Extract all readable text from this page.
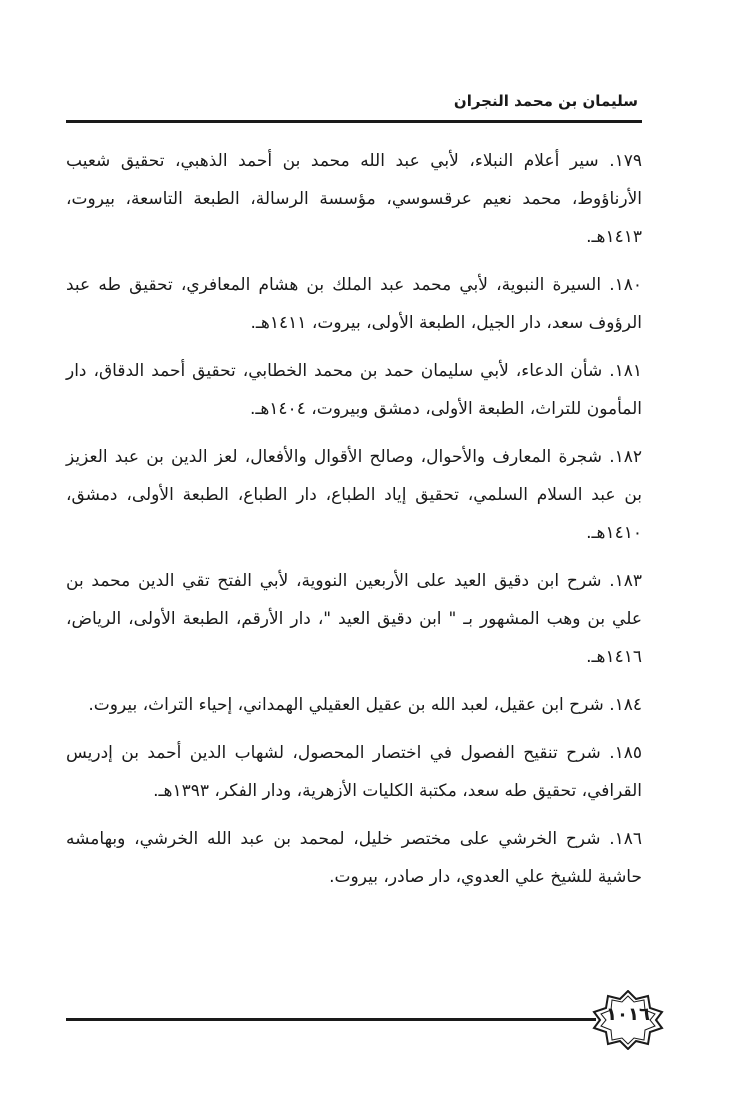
سليمان بن محمد النجران
١٧٩. سير أعلام النبلاء، لأبي عبد الله محمد بن أحمد الذهبي، تحقيق شعيب الأرناؤوط، محمد نعيم عرقسوسي، مؤسسة الرسالة، الطبعة التاسعة، بيروت، ١٤١٣هـ.
١٨٠. السيرة النبوية، لأبي محمد عبد الملك بن هشام المعافري، تحقيق طه عبد الرؤوف سعد، دار الجيل، الطبعة الأولى، بيروت، ١٤١١هـ.
١٨١. شأن الدعاء، لأبي سليمان حمد بن محمد الخطابي، تحقيق أحمد الدقاق، دار المأمون للتراث، الطبعة الأولى، دمشق وبيروت، ١٤٠٤هـ.
١٨٢. شجرة المعارف والأحوال، وصالح الأقوال والأفعال، لعز الدين بن عبد العزيز بن عبد السلام السلمي، تحقيق إياد الطباع، دار الطباع، الطبعة الأولى، دمشق، ١٤١٠هـ.
١٨٣. شرح ابن دقيق العيد على الأربعين النووية، لأبي الفتح تقي الدين محمد بن علي بن وهب المشهور بـ " ابن دقيق العيد "، دار الأرقم، الطبعة الأولى، الرياض، ١٤١٦هـ.
١٨٤. شرح ابن عقيل، لعبد الله بن عقيل العقيلي الهمداني، إحياء التراث، بيروت.
١٨٥. شرح تنقيح الفصول في اختصار المحصول، لشهاب الدين أحمد بن إدريس القرافي، تحقيق طه سعد، مكتبة الكليات الأزهرية، ودار الفكر، ١٣٩٣هـ.
١٨٦. شرح الخرشي على مختصر خليل، لمحمد بن عبد الله الخرشي، وبهامشه حاشية للشيخ علي العدوي، دار صادر، بيروت.
١٠١٦
